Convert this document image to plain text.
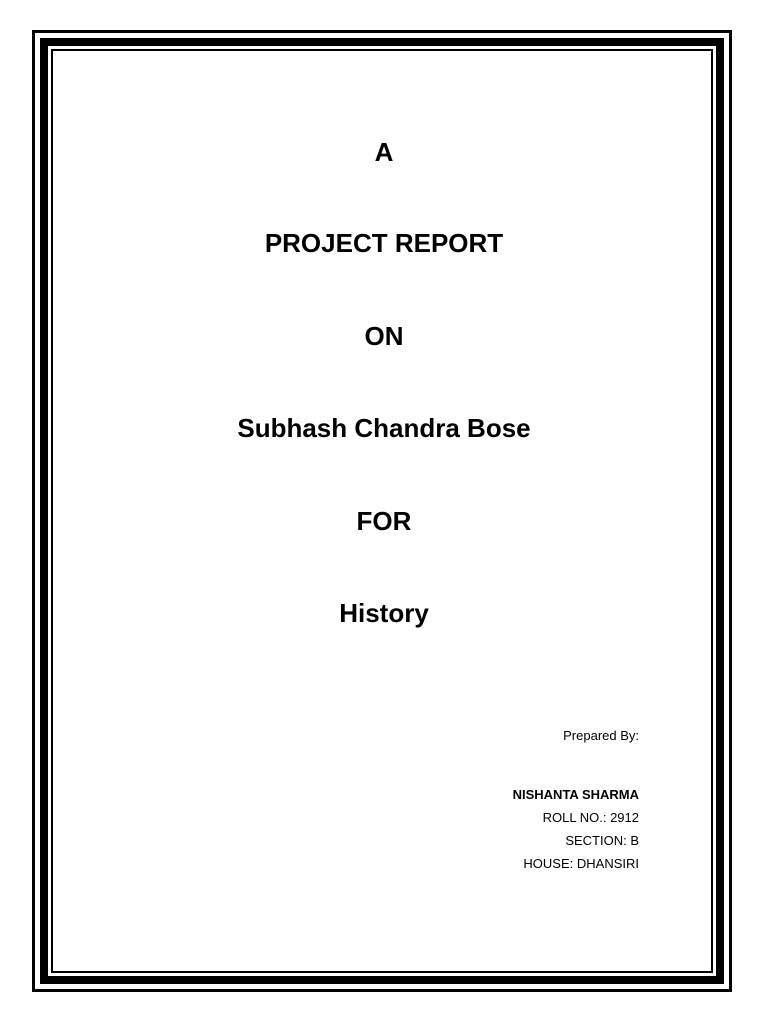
A
PROJECT REPORT
ON
Subhash Chandra Bose
FOR
History
Prepared By:
NISHANTA SHARMA
ROLL NO.: 2912
SECTION: B
HOUSE: DHANSIRI
